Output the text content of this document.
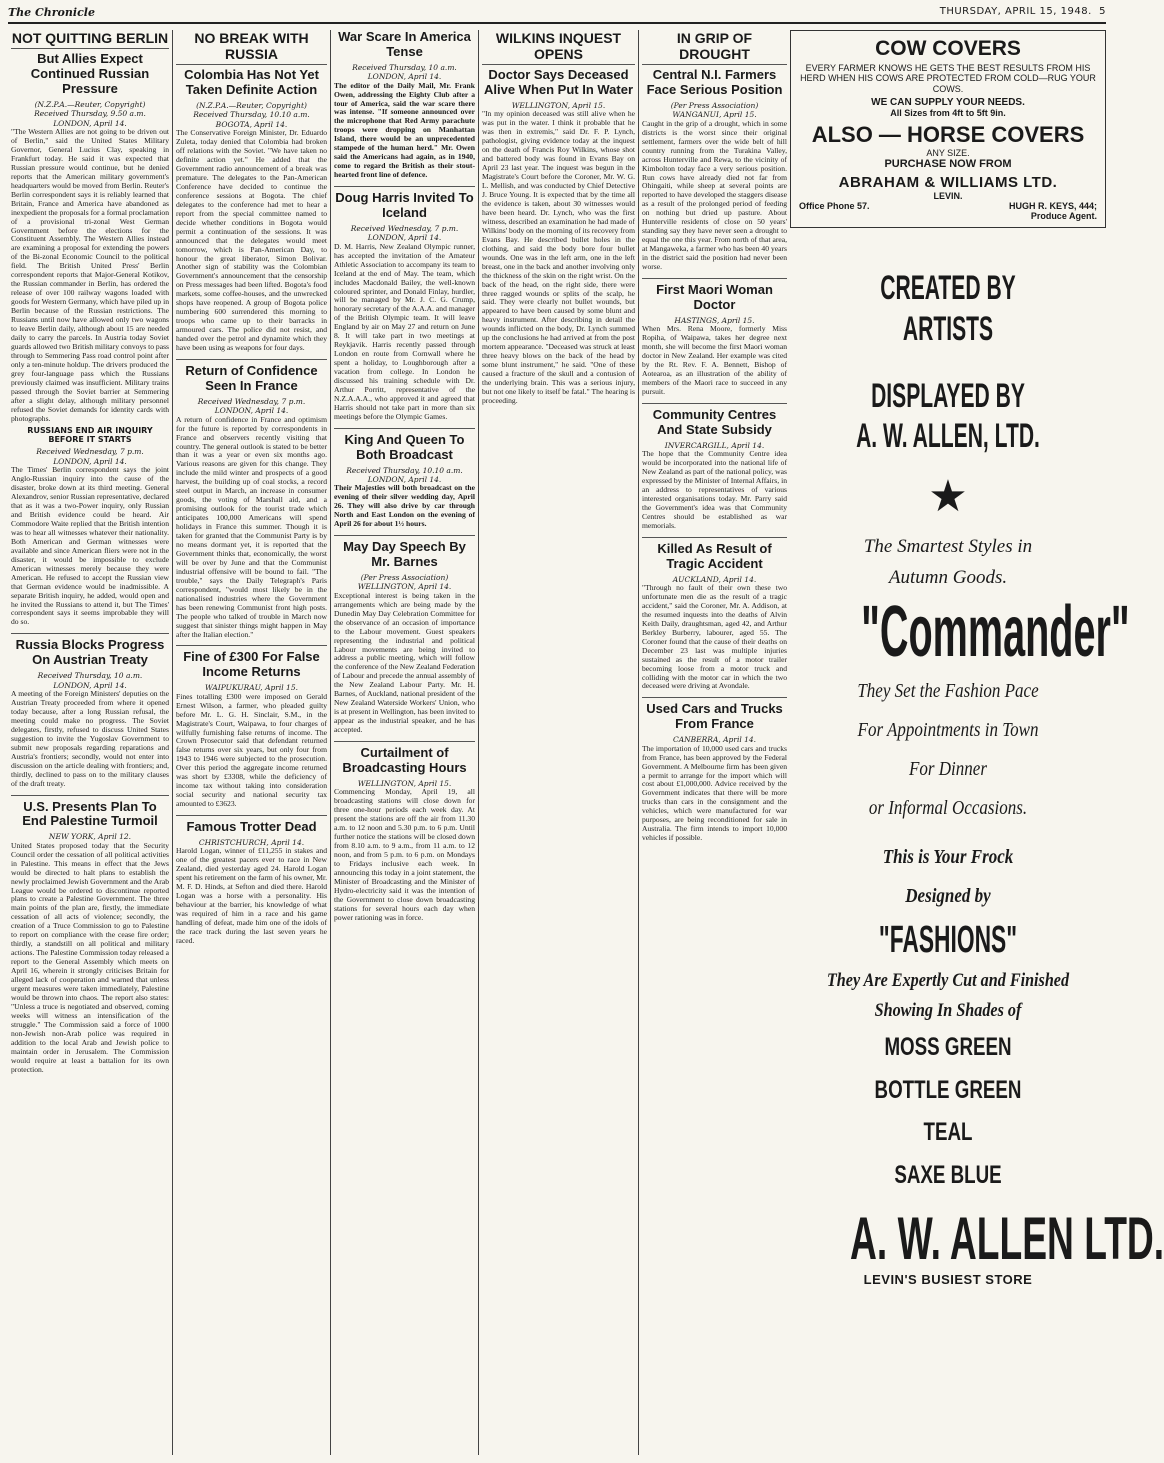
The Chronicle	THURSDAY, APRIL 15, 1948. 5
NOT QUITTING BERLIN
But Allies Expect Continued Russian Pressure
(N.Z.P.A.—Reuter, Copyright)
Received Thursday, 9.50 a.m.
LONDON, April 14.

"The Western Allies are not going to be driven out of Berlin," said the United States Military Governor, General Lucius Clay, speaking in Frankfurt today. He said it was expected that Russian pressure would continue, but he denied reports that the American military government's headquarters would be moved from Berlin. Reuter's Berlin correspondent says it is reliably learned that Britain, France and America have abandoned as inexpedient the proposals for a formal proclamation of a provisional tri-zonal West German Government before the elections for the Constituent Assembly. The Western Allies instead are examining a proposal for extending the powers of the Bi-zonal Economic Council to the political field. The British United Press' Berlin correspondent reports that Major-General Kotikov, the Russian commander in Berlin, has ordered the release of over 100 railway wagons loaded with goods for Western Germany, which have piled up in Berlin because of the Russian restrictions. The Russians until now have allowed only two wagons to leave Berlin daily, although about 15 are needed daily to carry the parcels. In Austria today Soviet guards allowed two British military convoys to pass through to Semmering Pass road control point after only a ten-minute holdup. The drivers produced the grey four-language pass which the Russians previously claimed was insufficient. Military trains passed through the Soviet barrier at Semmering after a slight delay, although military personnel refused the Soviet demands for identity cards with photographs.

RUSSIANS END AIR INQUIRY BEFORE IT STARTS
Received Wednesday, 7 p.m.
LONDON, April 14.

The Times' Berlin correspondent says the joint Anglo-Russian inquiry into the cause of the disaster, broke down at its third meeting. General Alexandrov, senior Russian representative, declared that as it was a two-Power inquiry, only Russian and British evidence could be heard. Air Commodore Waite replied that the British intention was to hear all witnesses whatever their nationality. Both American and German witnesses were available and since American fliers were not in the disaster, it would be impossible to exclude American witnesses merely because they were American. He refused to accept the Russian view that German evidence would be inadmissible. A separate British inquiry, he added, would open and he invited the Russians to attend it, but The Times' correspondent says it seems improbable they will do so.

Russia Blocks Progress On Austrian Treaty
Received Thursday, 10 a.m.
LONDON, April 14.

A meeting of the Foreign Ministers' deputies on the Austrian Treaty proceeded from where it opened today because, after a long Russian refusal, the meeting could make no progress. The Soviet delegates, firstly, refused to discuss United States suggestion to invite the Yugoslav Government to submit new proposals regarding reparations and Austria's frontiers; secondly, would not enter into discussion on the article dealing with frontiers; and, thirdly, declined to pass on to the military clauses of the draft treaty.

U.S. Presents Plan To End Palestine Turmoil
NEW YORK, April 12.

United States proposed today that the Security Council order the cessation of all political activities in Palestine. This means in effect that the Jews would be directed to halt plans to establish the newly proclaimed Jewish Government and the Arab League would be ordered to discontinue reported plans to create a Palestine Government. The three main points of the plan are, firstly, the immediate cessation of all acts of violence; secondly, the creation of a Truce Commission to go to Palestine to report on compliance with the cease fire order; thirdly, a standstill on all political and military actions. The Palestine Commission today released a report to the General Assembly which meets on April 16, wherein it strongly criticises Britain for alleged lack of cooperation and warned that unless urgent measures were taken immediately, Palestine would be thrown into chaos. The report also states: "Unless a truce is negotiated and observed, coming weeks will witness an intensification of the struggle." The Commission said a force of 1000 non-Jewish non-Arab police was required in addition to the local Arab and Jewish police to maintain order in Jerusalem. The Commission would require at least a battalion for its own protection.

NO BREAK WITH RUSSIA
Colombia Has Not Yet Taken Definite Action
(N.Z.P.A.—Reuter, Copyright)
Received Thursday, 10.10 a.m.
BOGOTA, April 14.

The Conservative Foreign Minister, Dr. Eduardo Zuleta, today denied that Colombia had broken off relations with the Soviet. "We have taken no definite action yet." He added that the Government radio announcement of a break was premature. The delegates to the Pan-American Conference have decided to continue the conference sessions at Bogota. The chief delegates to the conference had met to hear a report from the special committee named to decide whether conditions in Bogota would permit a continuation of the sessions. It was announced that the delegates would meet tomorrow, which is Pan-American Day, to honour the great liberator, Simon Bolivar. Another sign of stability was the Colombian Government's announcement that the censorship on Press messages had been lifted. Bogota's food markets, some coffee-houses, and the unwrecked shops have reopened. A group of Bogota police numbering 600 surrendered this morning to troops who came up to their barracks in armoured cars. The police did not resist, and handed over the petrol and dynamite which they have been using as weapons for four days.

Return of Confidence Seen In France
Received Wednesday, 7 p.m.
LONDON, April 14.

A return of confidence in France and optimism for the future is reported by correspondents in France and observers recently visiting that country. The general outlook is stated to be better than it was a year or even six months ago. Various reasons are given for this change. They include the mild winter and prospects of a good harvest, the building up of coal stocks, a record steel output in March, an increase in consumer goods, the voting of Marshall aid, and a promising outlook for the tourist trade which anticipates 100,000 Americans will spend holidays in France this summer. Though it is taken for granted that the Communist Party is by no means dormant yet, it is reported that the Government thinks that, economically, the worst will be over by June and that the Communist industrial offensive will be bound to fail. "The trouble," says the Daily Telegraph's Paris correspondent, "would most likely be in the nationalised industries where the Government has been renewing Communist front high posts. The people who talked of trouble in March now suggest that sinister things might happen in May after the Italian election."

Fine of £300 For False Income Returns
WAIPUKURAU, April 15.

Fines totalling £300 were imposed on Gerald Ernest Wilson, a farmer, who pleaded guilty before Mr. L. G. H. Sinclair, S.M., in the Magistrate's Court, Waipawa, to four charges of wilfully furnishing false returns of income. The Crown Prosecutor said that defendant returned false returns over six years, but only four from 1943 to 1946 were subjected to the prosecution. Over this period the aggregate income returned was short by £3308, while the deficiency of income tax without taking into consideration social security and national security tax amounted to £3623.

Famous Trotter Dead
CHRISTCHURCH, April 14.

Harold Logan, winner of £11,255 in stakes and one of the greatest pacers ever to race in New Zealand, died yesterday aged 24. Harold Logan spent his retirement on the farm of his owner, Mr. M. F. D. Hinds, at Sefton and died there. Harold Logan was a horse with a personality. His behaviour at the barrier, his knowledge of what was required of him in a race and his game handling of defeat, made him one of the idols of the race track during the last seven years he raced.

War Scare In America Tense
Received Thursday, 10 a.m.
LONDON, April 14.

The editor of the Daily Mail, Mr. Frank Owen, addressing the Eighty Club after a tour of America, said the war scare there was intense. "If someone announced over the microphone that Red Army parachute troops were dropping on Manhattan Island, there would be an unprecedented stampede of the human herd." Mr. Owen said the Americans had again, as in 1940, come to regard the British as their stout-hearted front line of defence.

Doug Harris Invited To Iceland
Received Wednesday, 7 p.m.
LONDON, April 14.

D. M. Harris, New Zealand Olympic runner, has accepted the invitation of the Amateur Athletic Association to accompany its team to Iceland at the end of May. The team, which includes Macdonald Bailey, the well-known coloured sprinter, and Donald Finlay, hurdler, will be managed by Mr. J. C. G. Crump, honorary secretary of the A.A.A. and manager of the British Olympic team. It will leave England by air on May 27 and return on June 8. It will take part in two meetings at Reykjavik. Harris recently passed through London en route from Cornwall where he spent a holiday, to Loughborough after a vacation from college. In London he discussed his training schedule with Dr. Arthur Porritt, representative of the N.Z.A.A.A., who approved it and agreed that Harris should not take part in more than six meetings before the Olympic Games.

King And Queen To Both Broadcast
Received Thursday, 10.10 a.m.
LONDON, April 14.

Their Majesties will both broadcast on the evening of their silver wedding day, April 26. They will also drive by car through North and East London on the evening of April 26 for about 1½ hours.

May Day Speech By Mr. Barnes
(Per Press Association)
WELLINGTON, April 14.

Exceptional interest is being taken in the arrangements which are being made by the Dunedin May Day Celebration Committee for the observance of an occasion of importance to the Labour movement. Guest speakers representing the industrial and political Labour movements are being invited to address a public meeting, which will follow the conference of the New Zealand Federation of Labour and precede the annual assembly of the New Zealand Labour Party. Mr. H. Barnes, of Auckland, national president of the New Zealand Waterside Workers' Union, who is at present in Wellington, has been invited to appear as the industrial speaker, and he has accepted.

Curtailment of Broadcasting Hours
WELLINGTON, April 15.

Commencing Monday, April 19, all broadcasting stations will close down for three one-hour periods each week day. At present the stations are off the air from 11.30 a.m. to 12 noon and 5.30 p.m. to 6 p.m. Until further notice the stations will be closed down from 8.10 a.m. to 9 a.m., from 11 a.m. to 12 noon, and from 5 p.m. to 6 p.m. on Mondays to Fridays inclusive each week. In announcing this today in a joint statement, the Minister of Broadcasting and the Minister of Hydro-electricity said it was the intention of the Government to close down broadcasting stations for several hours each day when power rationing was in force.

WILKINS INQUEST OPENS
Doctor Says Deceased Alive When Put In Water
WELLINGTON, April 15.

"In my opinion deceased was still alive when he was put in the water. I think it probable that he was then in extremis," said Dr. F. P. Lynch, pathologist, giving evidence today at the inquest on the death of Francis Roy Wilkins, whose shot and battered body was found in Evans Bay on April 23 last year. The inquest was begun in the Magistrate's Court before the Coroner, Mr. W. G. L. Mellish, and was conducted by Chief Detective J. Bruce Young. It is expected that by the time all the evidence is taken, about 30 witnesses would have been heard. Dr. Lynch, who was the first witness, described an examination he had made of Wilkins' body on the morning of its recovery from Evans Bay. He described bullet holes in the clothing, and said the body bore four bullet wounds. One was in the left arm, one in the left breast, one in the back and another involving only the thickness of the skin on the right wrist. On the back of the head, on the right side, there were three ragged wounds or splits of the scalp, he said. They were clearly not bullet wounds, but appeared to have been caused by some blunt and heavy instrument. After describing in detail the wounds inflicted on the body, Dr. Lynch summed up the conclusions he had arrived at from the post mortem appearance. "Deceased was struck at least three heavy blows on the back of the head by some blunt instrument," he said. "One of these caused a fracture of the skull and a contusion of the underlying brain. This was a serious injury, but not one likely to itself be fatal." The hearing is proceeding.

IN GRIP OF DROUGHT
Central N.I. Farmers Face Serious Position
(Per Press Association)
WANGANUI, April 15.

Caught in the grip of a drought, which in some districts is the worst since their original settlement, farmers over the wide belt of hill country running from the Turakina Valley, across Hunterville and Rewa, to the vicinity of Kimbolton today face a very serious position. Run cows have already died not far from Ohingaiti, while sheep at several points are reported to have developed the staggers disease as a result of the prolonged period of feeding on nothing but dried up pasture. About Hunterville residents of close on 50 years' standing say they have never seen a drought to equal the one this year. From north of that area, at Mangaweka, a farmer who has been 40 years in the district said the position had never been worse.

First Maori Woman Doctor
HASTINGS, April 15.

When Mrs. Rena Moore, formerly Miss Ropiha, of Waipawa, takes her degree next month, she will become the first Maori woman doctor in New Zealand. Her example was cited by the Rt. Rev. F. A. Bennett, Bishop of Aotearoa, as an illustration of the ability of members of the Maori race to succeed in any pursuit.

Community Centres And State Subsidy
INVERCARGILL, April 14.

The hope that the Community Centre idea would be incorporated into the national life of New Zealand as part of the national policy, was expressed by the Minister of Internal Affairs, in an address to representatives of various interested organisations today. Mr. Parry said the Government's idea was that Community Centres should be established as war memorials.

Killed As Result of Tragic Accident
AUCKLAND, April 14.

"Through no fault of their own these two unfortunate men die as the result of a tragic accident," said the Coroner, Mr. A. Addison, at the resumed inquests into the deaths of Alvin Keith Daily, draughtsman, aged 42, and Arthur Berkley Burberry, labourer, aged 55. The Coroner found that the cause of their deaths on December 23 last was multiple injuries sustained as the result of a motor trailer becoming loose from a motor truck and colliding with the motor car in which the two deceased were driving at Avondale.

Used Cars and Trucks From France
CANBERRA, April 14.

The importation of 10,000 used cars and trucks from France, has been approved by the Federal Government. A Melbourne firm has been given a permit to arrange for the import which will cost about £1,000,000. Advice received by the Government indicates that there will be more trucks than cars in the consignment and the vehicles, which were manufactured for war purposes, are being reconditioned for sale in Australia. The firm intends to import 10,000 vehicles if possible.

COW COVERS
EVERY FARMER KNOWS HE GETS THE BEST RESULTS FROM HIS HERD WHEN HIS COWS ARE PROTECTED FROM COLD—RUG YOUR COWS.
WE CAN SUPPLY YOUR NEEDS.
All Sizes from 4ft to 5ft 9in.
ALSO — HORSE COVERS
ANY SIZE.
PURCHASE NOW FROM
ABRAHAM & WILLIAMS LTD.
LEVIN.
Office Phone 57.	HUGH R. KEYS, 444;
Produce Agent.
CREATED BY
ARTISTS
DISPLAYED BY
A. W. ALLEN, LTD.
★
The Smartest Styles in
Autumn Goods.
"Commander"
They Set the Fashion Pace
For Appointments in Town
For Dinner
or Informal Occasions.
This is Your Frock
Designed by
"FASHIONS"
They Are Expertly Cut and Finished
Showing In Shades of
MOSS GREEN
BOTTLE GREEN
TEAL
SAXE BLUE
A. W. ALLEN LTD.
LEVIN'S BUSIEST STORE
